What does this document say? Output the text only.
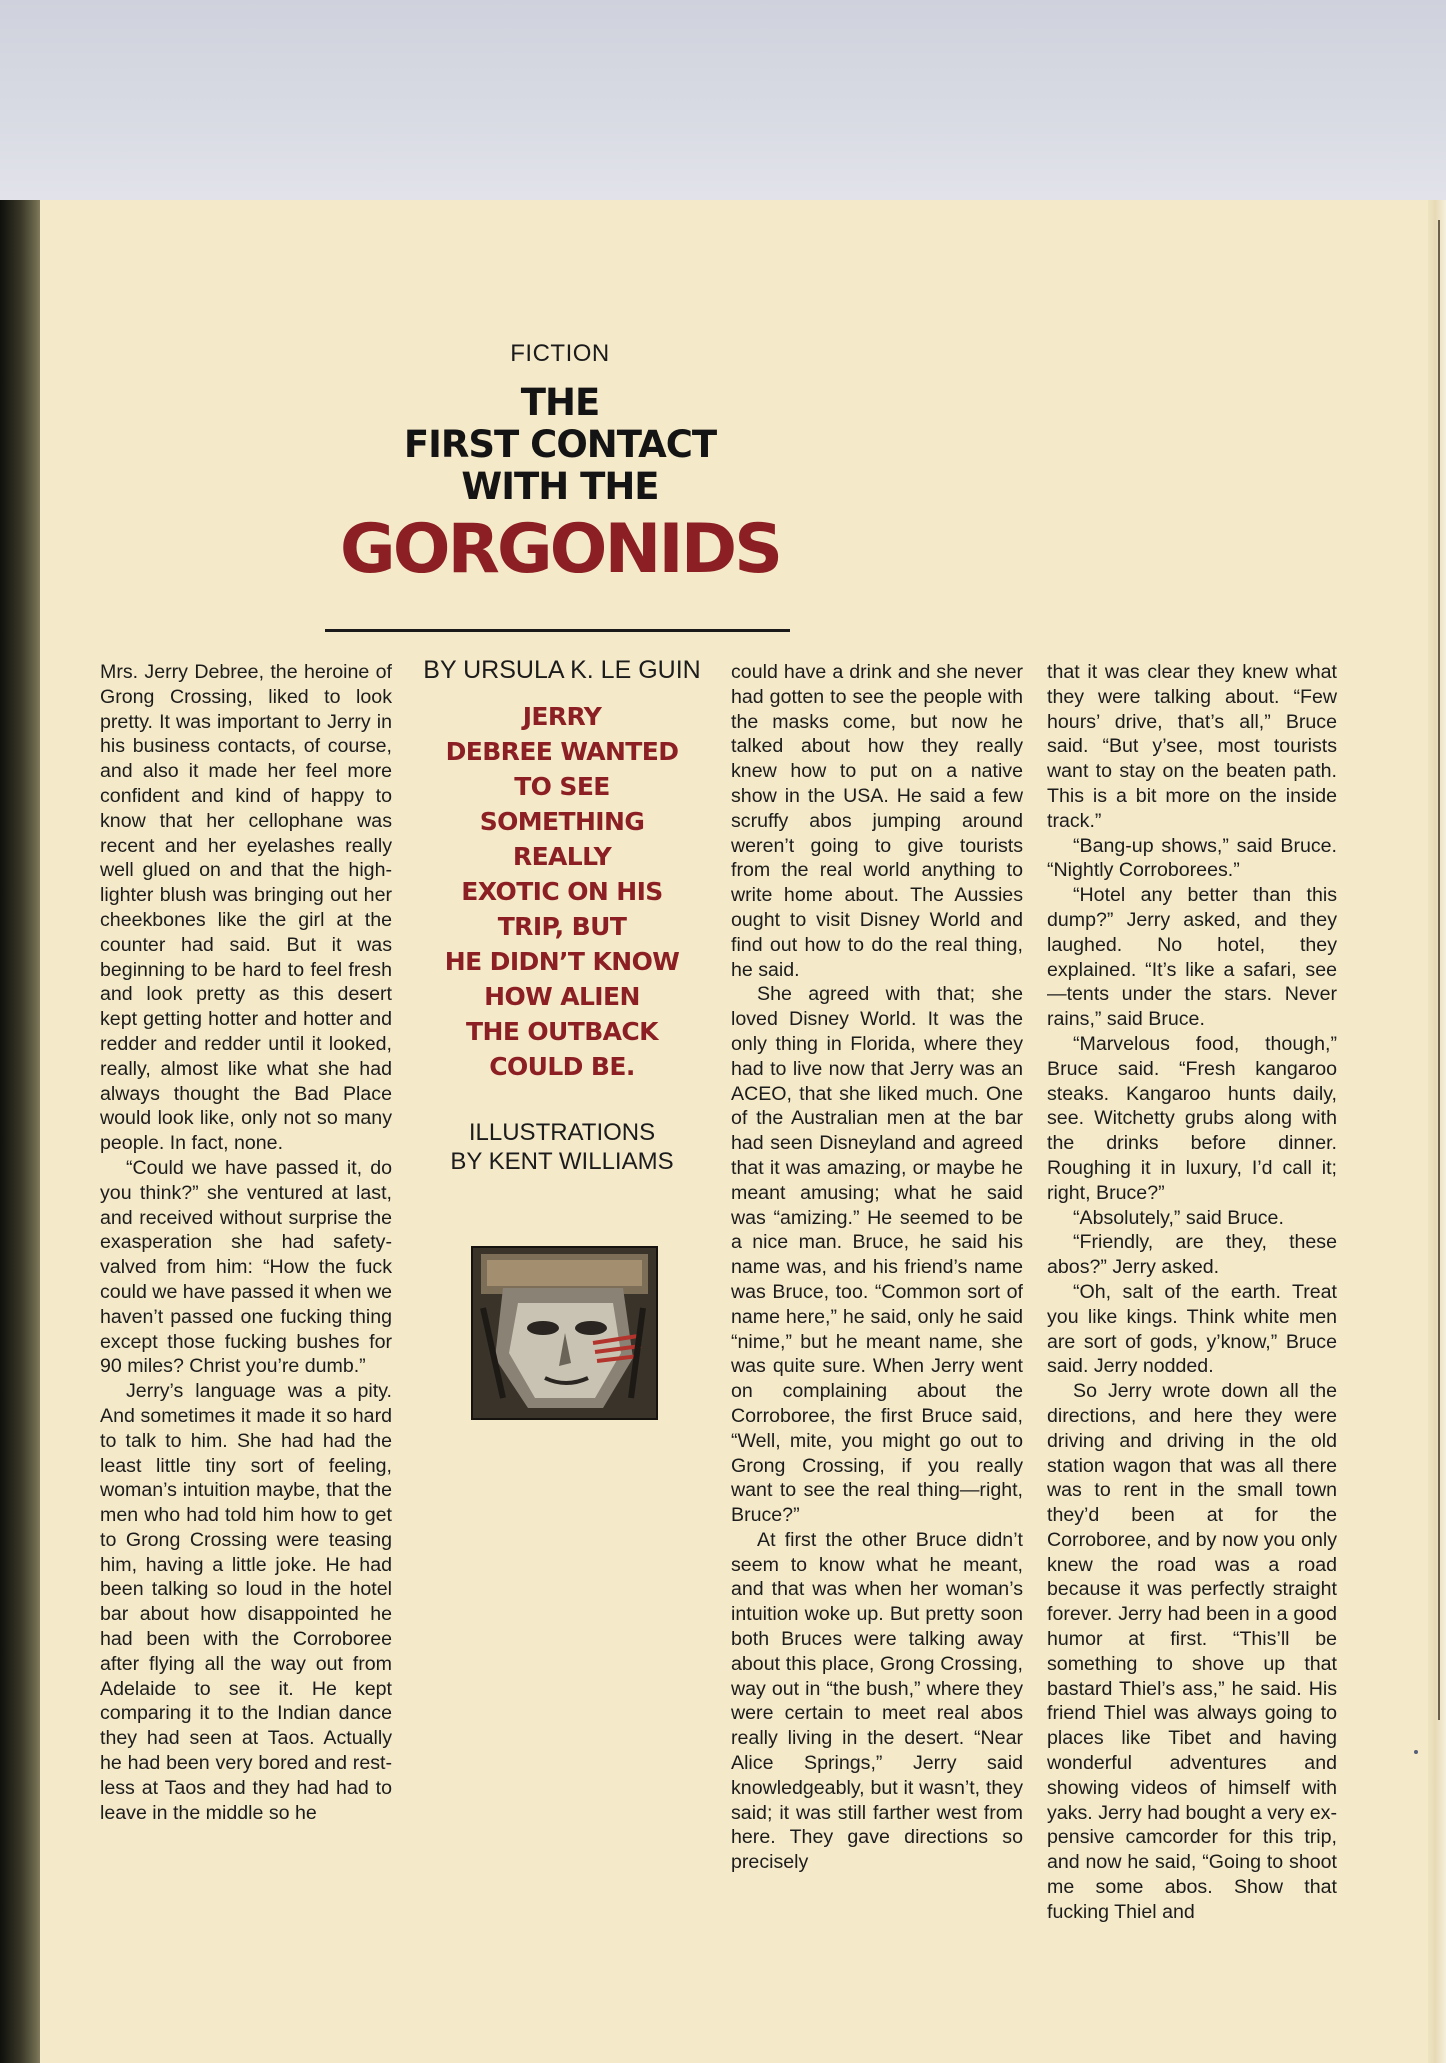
FICTION
THE
FIRST CONTACT
WITH THE
GORGONIDS

Mrs. Jerry Debree, the heroine of Grong Crossing, liked to look pretty. It was important to Jerry in his business contacts, of course, and also it made her feel more confident and kind of happy to know that her cellophane was recent and her eyelashes really well glued on and that the highlighter blush was bringing out her cheekbones like the girl at the counter had said. But it was beginning to be hard to feel fresh and look pretty as this desert kept getting hotter and hotter and redder and redder until it looked, really, almost like what she had always thought the Bad Place would look like, only not so many people. In fact, none.

“Could we have passed it, do you think?” she ventured at last, and received without surprise the exasperation she had safety-valved from him: “How the fuck could we have passed it when we haven’t passed one fucking thing except those fucking bushes for 90 miles? Christ you’re dumb.”

Jerry’s language was a pity. And sometimes it made it so hard to talk to him. She had had the least little tiny sort of feeling, woman’s intuition maybe, that the men who had told him how to get to Grong Crossing were teasing him, having a little joke. He had been talking so loud in the hotel bar about how disappointed he had been with the Corroboree after flying all the way out from Adelaide to see it. He kept comparing it to the Indian dance they had seen at Taos. Actually he had been very bored and restless at Taos and they had had to leave in the middle so he

BY URSULA K. LE GUIN
JERRY
DEBREE WANTED
TO SEE
SOMETHING
REALLY
EXOTIC ON HIS
TRIP, BUT
HE DIDN’T KNOW
HOW ALIEN
THE OUTBACK
COULD BE.
ILLUSTRATIONS
BY KENT WILLIAMS

could have a drink and she never had gotten to see the people with the masks come, but now he talked about how they really knew how to put on a native show in the USA. He said a few scruffy abos jumping around weren’t going to give tourists from the real world anything to write home about. The Aussies ought to visit Disney World and find out how to do the real thing, he said.

She agreed with that; she loved Disney World. It was the only thing in Florida, where they had to live now that Jerry was an ACEO, that she liked much. One of the Australian men at the bar had seen Disneyland and agreed that it was amazing, or maybe he meant amusing; what he said was “amizing.” He seemed to be a nice man. Bruce, he said his name was, and his friend’s name was Bruce, too. “Common sort of name here,” he said, only he said “nime,” but he meant name, she was quite sure. When Jerry went on complaining about the Corroboree, the first Bruce said, “Well, mite, you might go out to Grong Crossing, if you really want to see the real thing—right, Bruce?”

At first the other Bruce didn’t seem to know what he meant, and that was when her woman’s intuition woke up. But pretty soon both Bruces were talking away about this place, Grong Crossing, way out in “the bush,” where they were certain to meet real abos really living in the desert. “Near Alice Springs,” Jerry said knowledgeably, but it wasn’t, they said; it was still farther west from here. They gave directions so precisely

that it was clear they knew what they were talking about. “Few hours’ drive, that’s all,” Bruce said. “But y’see, most tourists want to stay on the beaten path. This is a bit more on the inside track.”

“Bang-up shows,” said Bruce. “Nightly Corroborees.”

“Hotel any better than this dump?” Jerry asked, and they laughed. No hotel, they explained. “It’s like a safari, see—tents under the stars. Never rains,” said Bruce.

“Marvelous food, though,” Bruce said. “Fresh kangaroo steaks. Kangaroo hunts daily, see. Witchetty grubs along with the drinks before dinner. Roughing it in luxury, I’d call it; right, Bruce?”

“Absolutely,” said Bruce.

“Friendly, are they, these abos?” Jerry asked.

“Oh, salt of the earth. Treat you like kings. Think white men are sort of gods, y’know,” Bruce said. Jerry nodded.

So Jerry wrote down all the directions, and here they were driving and driving in the old station wagon that was all there was to rent in the small town they’d been at for the Corroboree, and by now you only knew the road was a road because it was perfectly straight forever. Jerry had been in a good humor at first. “This’ll be something to shove up that bastard Thiel’s ass,” he said. His friend Thiel was always going to places like Tibet and having wonderful adventures and showing videos of himself with yaks. Jerry had bought a very expensive camcorder for this trip, and now he said, “Going to shoot me some abos. Show that fucking Thiel and
